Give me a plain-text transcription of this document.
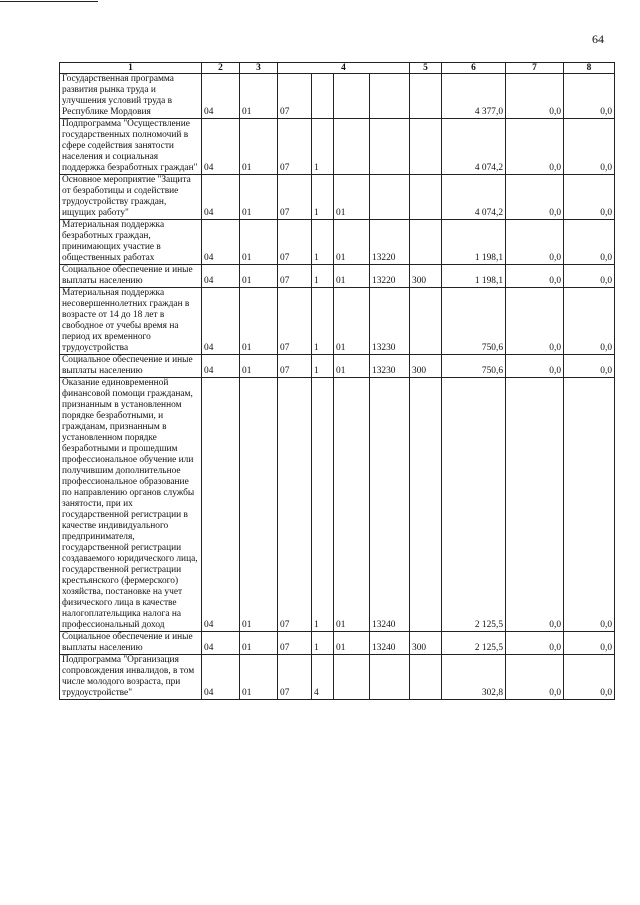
64
1	2	3	4				5	6	7	8
Государственная программа развития рынка труда и улучшения условий труда в Республике Мордовия	04	01	07					4 377,0	0,0	0,0
Подпрограмма "Осуществление государственных полномочий в сфере содействия занятости населения и социальная поддержка безработных граждан"	04	01	07	1				4 074,2	0,0	0,0
Основное мероприятие "Защита от безработицы и содействие трудоустройству граждан, ищущих работу"	04	01	07	1	01			4 074,2	0,0	0,0
Материальная поддержка безработных граждан, принимающих участие в общественных работах	04	01	07	1	01	13220		1 198,1	0,0	0,0
Социальное обеспечение и иные выплаты населению	04	01	07	1	01	13220	300	1 198,1	0,0	0,0
Материальная поддержка несовершеннолетних граждан в возрасте от 14 до 18 лет в свободное от учебы время на период их временного трудоустройства	04	01	07	1	01	13230		750,6	0,0	0,0
Социальное обеспечение и иные выплаты населению	04	01	07	1	01	13230	300	750,6	0,0	0,0
Оказание единовременной финансовой помощи гражданам, признанным в установленном порядке безработными, и гражданам, признанным в установленном порядке безработными и прошедшим профессиональное обучение или получившим дополнительное профессиональное образование по направлению органов службы занятости, при их государственной регистрации в качестве индивидуального предпринимателя, государственной регистрации создаваемого юридического лица, государственной регистрации крестьянского (фермерского) хозяйства, постановке на учет физического лица в качестве налогоплательщика налога на профессиональный доход	04	01	07	1	01	13240		2 125,5	0,0	0,0
Социальное обеспечение и иные выплаты населению	04	01	07	1	01	13240	300	2 125,5	0,0	0,0
Подпрограмма "Организация сопровождения инвалидов, в том числе молодого возраста, при трудоустройстве"	04	01	07	4				302,8	0,0	0,0
